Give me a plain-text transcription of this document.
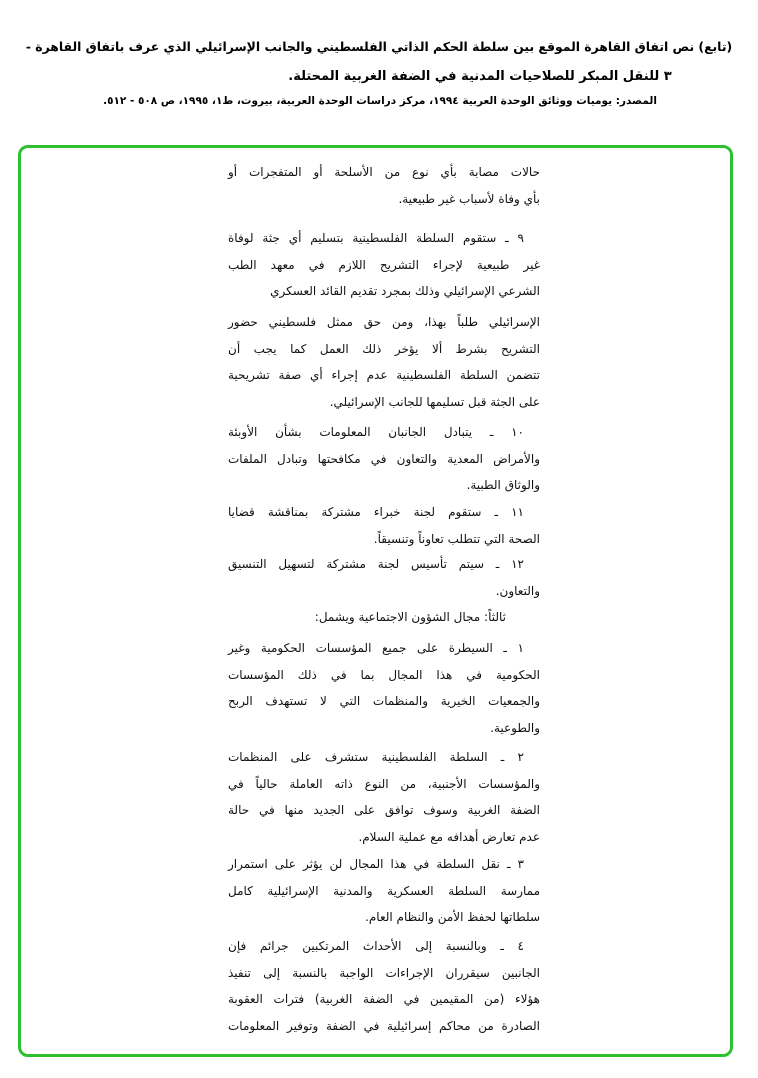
(تابع) نص اتفاق القاهرة الموقع بين سلطة الحكم الذاتي الفلسطيني والجانب الإسرائيلي الذي عرف باتفاق القاهرة -
٣ للنقل المبكر للصلاحيات المدنية في الضفة الغربية المحتلة.
المصدر: يوميات ووثائق الوحدة العربية ١٩٩٤، مركز دراسات الوحدة العربية، بيروت، ط١، ١٩٩٥، ص ٥٠٨ - ٥١٢.
حالات مصابة بأي نوع من الأسلحة أو المتفجرات أو
بأي وفاة لأسباب غير طبيعية.
٩ ـ ستقوم السلطة الفلسطينية بتسليم أي جثة لوفاة
غير طبيعية لإجراء التشريح اللازم في معهد الطب
الشرعي الإسرائيلي وذلك بمجرد تقديم القائد العسكري
الإسرائيلي طلباً بهذا، ومن حق ممثل فلسطيني حضور
التشريح بشرط ألا يؤخر ذلك العمل كما يجب أن
تتضمن السلطة الفلسطينية عدم إجراء أي صفة تشريحية
على الجثة قبل تسليمها للجانب الإسرائيلي.
١٠ ـ يتبادل الجانبان المعلومات بشأن الأوبئة
والأمراض المعدية والتعاون في مكافحتها وتبادل الملفات
والوثاق الطبية.
١١ ـ ستقوم لجنة خبراء مشتركة بمناقشة قضايا
الصحة التي تتطلب تعاوناً وتنسيقاً.
١٢ ـ سيتم تأسيس لجنة مشتركة لتسهيل التنسيق
والتعاون.
ثالثاً: مجال الشؤون الاجتماعية ويشمل:
١ ـ السيطرة على جميع المؤسسات الحكومية وغير
الحكومية في هذا المجال بما في ذلك المؤسسات
والجمعيات الخيرية والمنظمات التي لا تستهدف الربح
والطوعية.
٢ ـ السلطة الفلسطينية ستشرف على المنظمات
والمؤسسات الأجنبية، من النوع ذاته العاملة حالياً في
الضفة الغربية وسوف توافق على الجديد منها في حالة
عدم تعارض أهدافه مع عملية السلام.
٣ ـ نقل السلطة في هذا المجال لن يؤثر على استمرار
ممارسة السلطة العسكرية والمدنية الإسرائيلية كامل
سلطاتها لحفظ الأمن والنظام العام.
٤ ـ وبالنسبة إلى الأحداث المرتكبين جرائم فإن
الجانبين سيقرران الإجراءات الواجبة بالنسبة إلى تنفيذ
هؤلاء (من المقيمين في الضفة الغربية) فترات العقوبة
الصادرة من محاكم إسرائيلية في الضفة وتوفير المعلومات
